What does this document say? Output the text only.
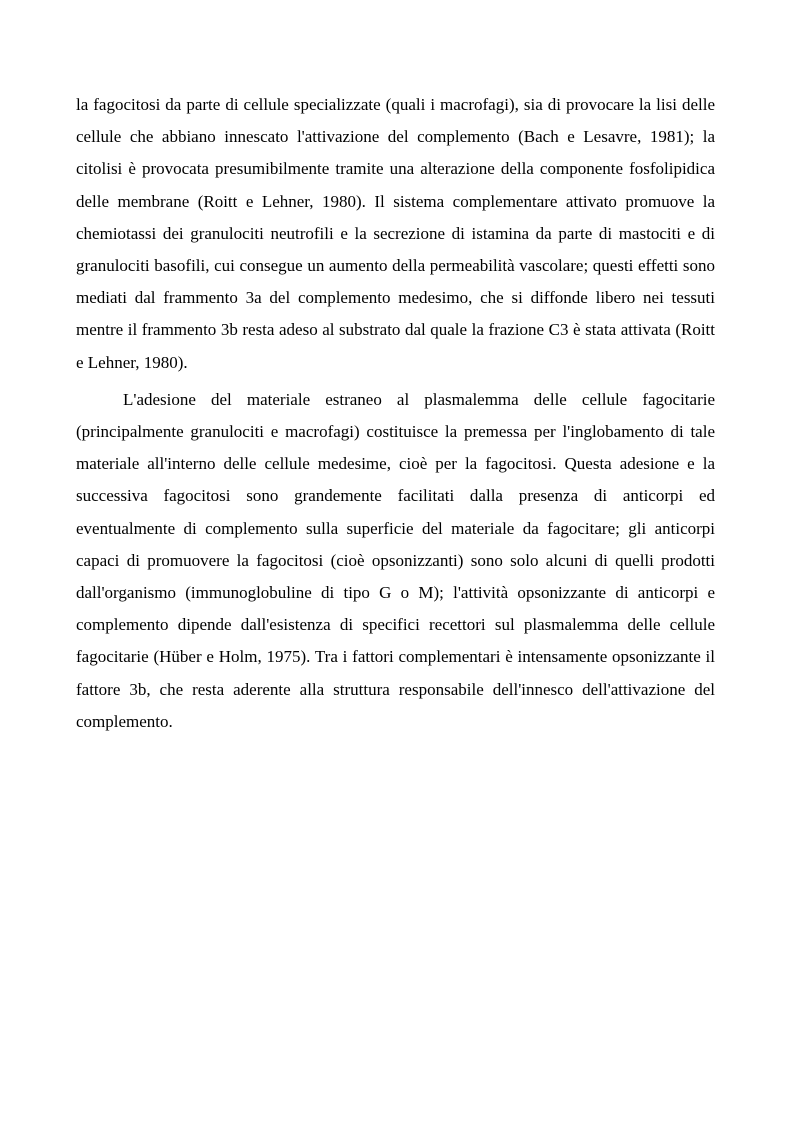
la fagocitosi da parte di cellule specializzate (quali i macrofagi), sia di provocare la lisi delle cellule che abbiano innescato l'attivazione del complemento (Bach e Lesavre, 1981); la citolisi è provocata presumibilmente tramite una alterazione della componente fosfolipidica delle membrane (Roitt e Lehner, 1980). Il sistema complementare attivato promuove la chemiotassi dei granulociti neutrofili e la secrezione di istamina da parte di mastociti e di granulociti basofili, cui consegue un aumento della permeabilità vascolare; questi effetti sono mediati dal frammento 3a del complemento medesimo, che si diffonde libero nei tessuti mentre il frammento 3b resta adeso al substrato dal quale la frazione C3 è stata attivata (Roitt e Lehner, 1980).

L'adesione del materiale estraneo al plasmalemma delle cellule fagocitarie (principalmente granulociti e macrofagi) costituisce la premessa per l'inglobamento di tale materiale all'interno delle cellule medesime, cioè per la fagocitosi. Questa adesione e la successiva fagocitosi sono grandemente facilitati dalla presenza di anticorpi ed eventualmente di complemento sulla superficie del materiale da fagocitare; gli anticorpi capaci di promuovere la fagocitosi (cioè opsonizzanti) sono solo alcuni di quelli prodotti dall'organismo (immunoglobuline di tipo G o M); l'attività opsonizzante di anticorpi e complemento dipende dall'esistenza di specifici recettori sul plasmalemma delle cellule fagocitarie (Hüber e Holm, 1975). Tra i fattori complementari è intensamente opsonizzante il fattore 3b, che resta aderente alla struttura responsabile dell'innesco dell'attivazione del complemento.
